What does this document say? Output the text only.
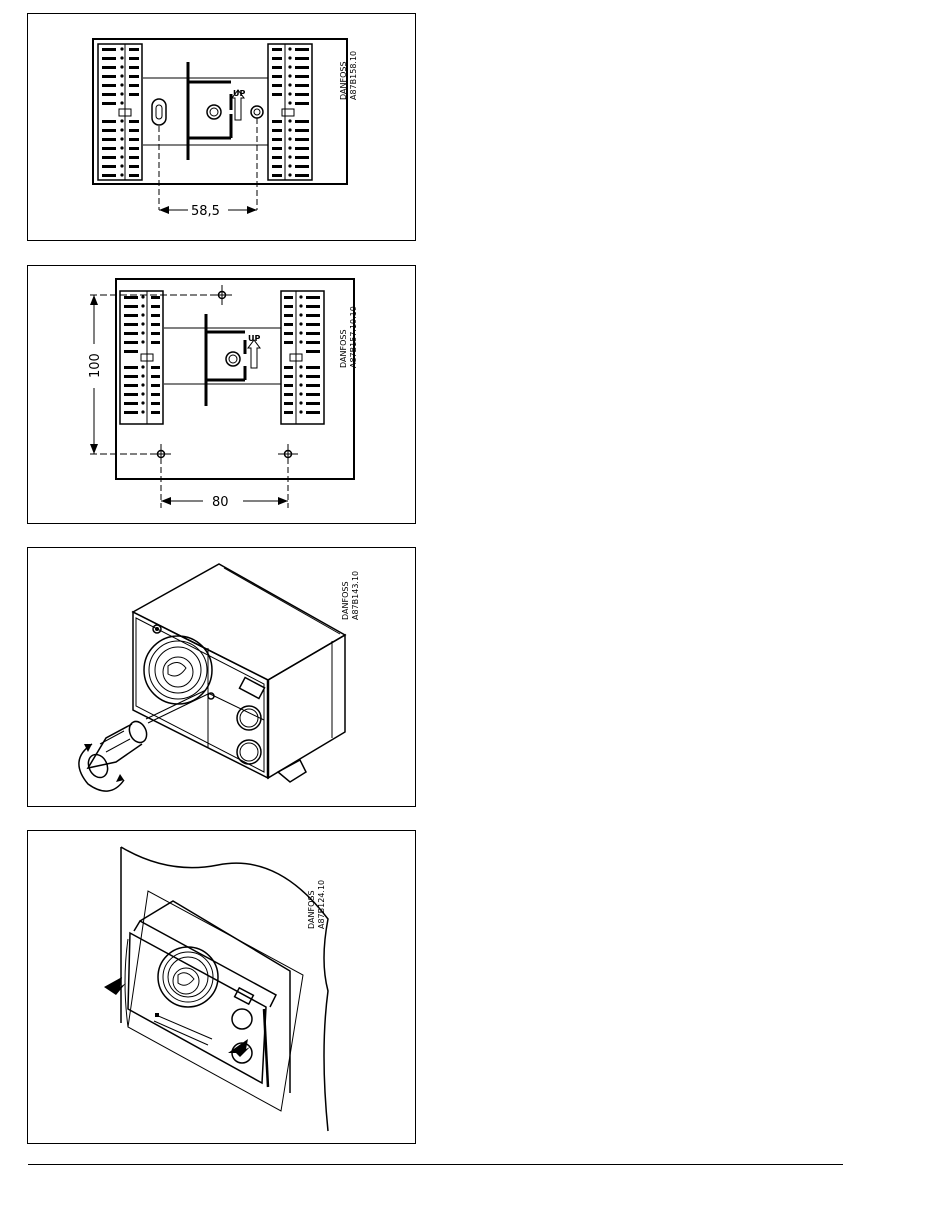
58,5
UP	DANFOSS A87B158.10
80
100
UP	DANFOSS A87B157.10.10
DANFOSS A87B143.10
DANFOSS A87B124.10
